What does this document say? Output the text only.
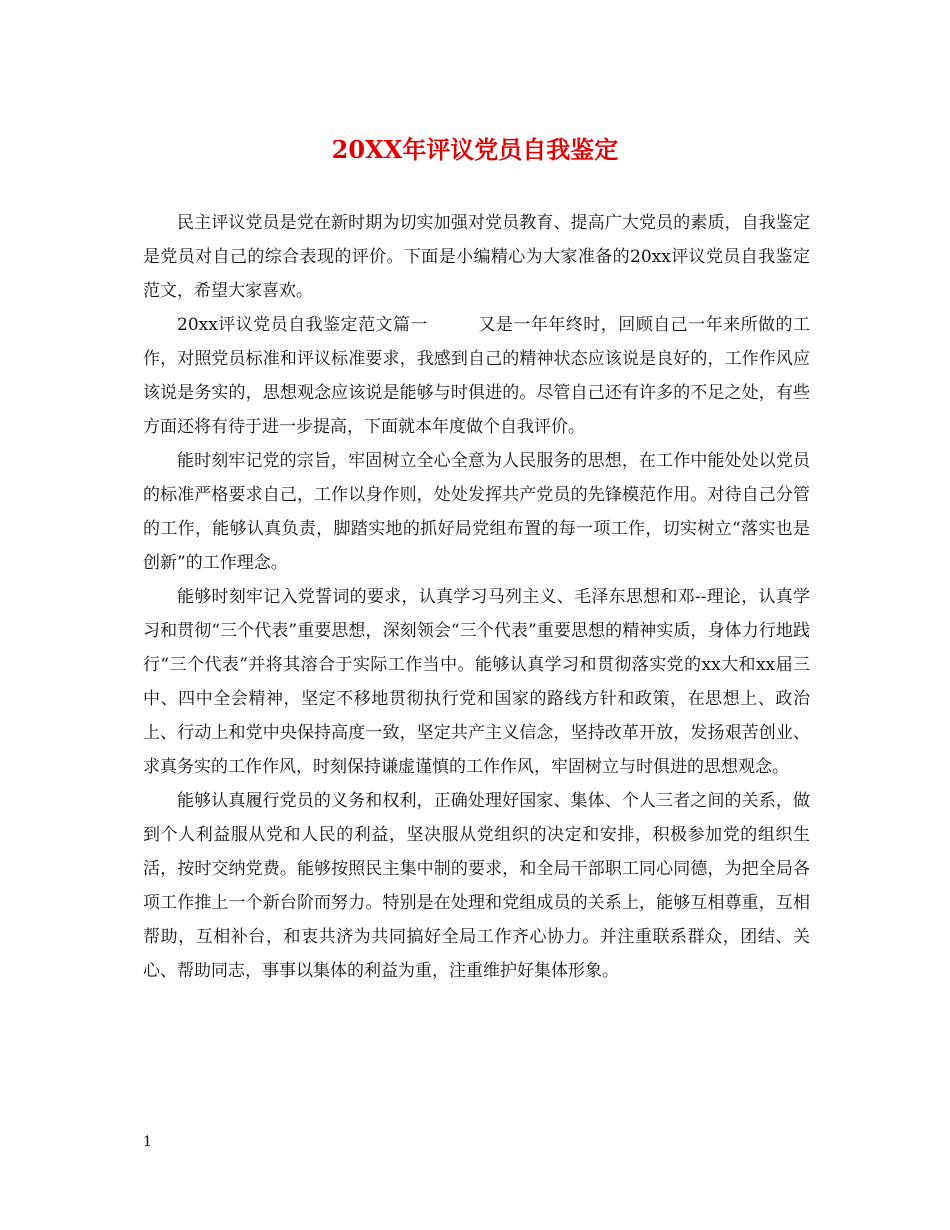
20XX年评议党员自我鉴定

民主评议党员是党在新时期为切实加强对党员教育、提高广大党员的素质，自我鉴定是党员对自己的综合表现的评价。下面是小编精心为大家准备的20xx评议党员自我鉴定范文，希望大家喜欢。

20xx评议党员自我鉴定范文篇一	又是一年年终时，回顾自己一年来所做的工作，对照党员标准和评议标准要求，我感到自己的精神状态应该说是良好的，工作作风应该说是务实的，思想观念应该说是能够与时俱进的。尽管自己还有许多的不足之处，有些方面还将有待于进一步提高，下面就本年度做个自我评价。

能时刻牢记党的宗旨，牢固树立全心全意为人民服务的思想，在工作中能处处以党员的标准严格要求自己，工作以身作则，处处发挥共产党员的先锋模范作用。对待自己分管的工作，能够认真负责，脚踏实地的抓好局党组布置的每一项工作，切实树立“落实也是创新”的工作理念。

能够时刻牢记入党誓词的要求，认真学习马列主义、毛泽东思想和邓--理论，认真学习和贯彻“三个代表”重要思想，深刻领会“三个代表”重要思想的精神实质，身体力行地践行“三个代表”并将其溶合于实际工作当中。能够认真学习和贯彻落实党的xx大和xx届三中、四中全会精神，坚定不移地贯彻执行党和国家的路线方针和政策，在思想上、政治上、行动上和党中央保持高度一致，坚定共产主义信念，坚持改革开放，发扬艰苦创业、求真务实的工作作风，时刻保持谦虚谨慎的工作作风，牢固树立与时俱进的思想观念。

能够认真履行党员的义务和权利，正确处理好国家、集体、个人三者之间的关系，做到个人利益服从党和人民的利益，坚决服从党组织的决定和安排，积极参加党的组织生活，按时交纳党费。能够按照民主集中制的要求，和全局干部职工同心同德，为把全局各项工作推上一个新台阶而努力。特别是在处理和党组成员的关系上，能够互相尊重，互相帮助，互相补台，和衷共济为共同搞好全局工作齐心协力。并注重联系群众，团结、关心、帮助同志，事事以集体的利益为重，注重维护好集体形象。

1
